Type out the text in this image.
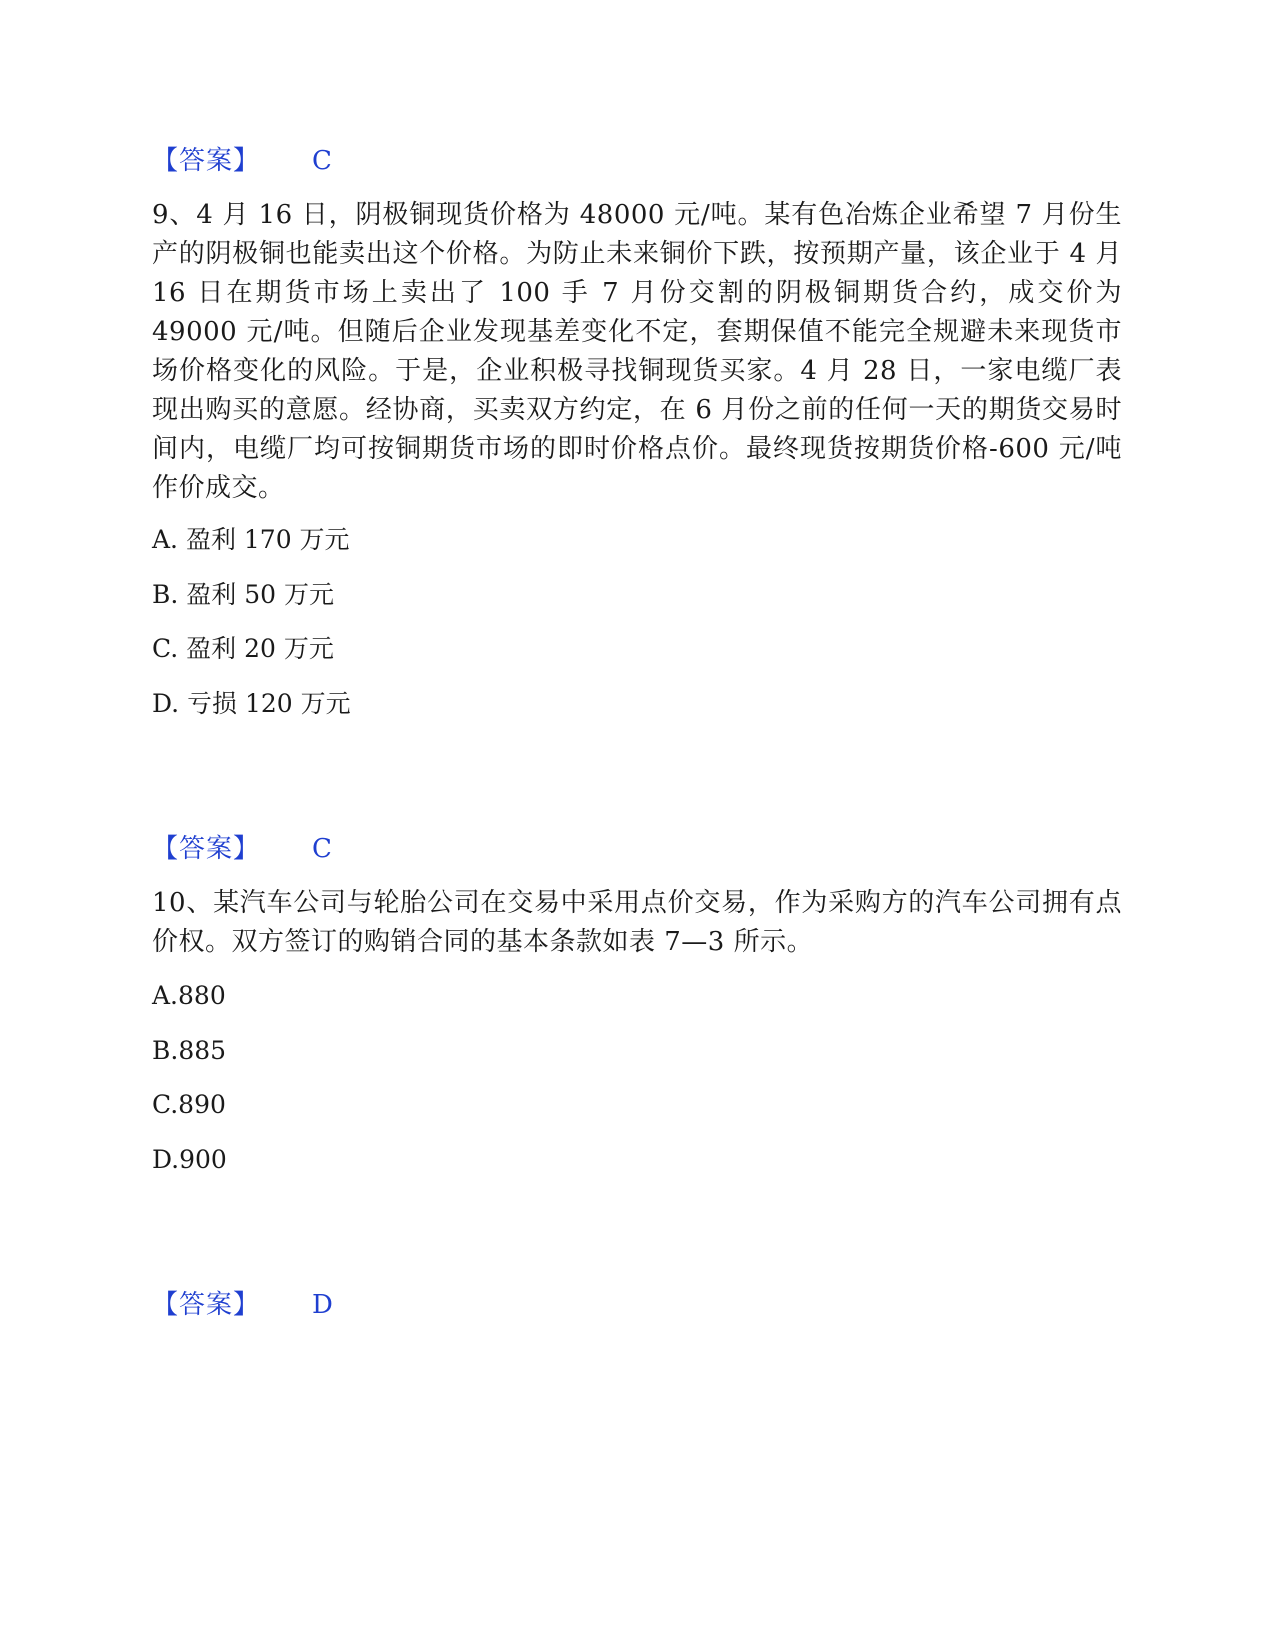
【答案】 C
9、4 月 16 日，阴极铜现货价格为 48000 元/吨。某有色冶炼企业希望 7 月份生产的阴极铜也能卖出这个价格。为防止未来铜价下跌，按预期产量，该企业于 4 月 16 日在期货市场上卖出了 100 手 7 月份交割的阴极铜期货合约，成交价为 49000 元/吨。但随后企业发现基差变化不定，套期保值不能完全规避未来现货市场价格变化的风险。于是，企业积极寻找铜现货买家。4 月 28 日，一家电缆厂表现出购买的意愿。经协商，买卖双方约定，在 6 月份之前的任何一天的期货交易时间内，电缆厂均可按铜期货市场的即时价格点价。最终现货按期货价格-600 元/吨作价成交。
A. 盈利 170 万元
B. 盈利 50 万元
C. 盈利 20 万元
D. 亏损 120 万元
【答案】 C
10、某汽车公司与轮胎公司在交易中采用点价交易，作为采购方的汽车公司拥有点价权。双方签订的购销合同的基本条款如表 7—3 所示。
A.880
B.885
C.890
D.900
【答案】 D
